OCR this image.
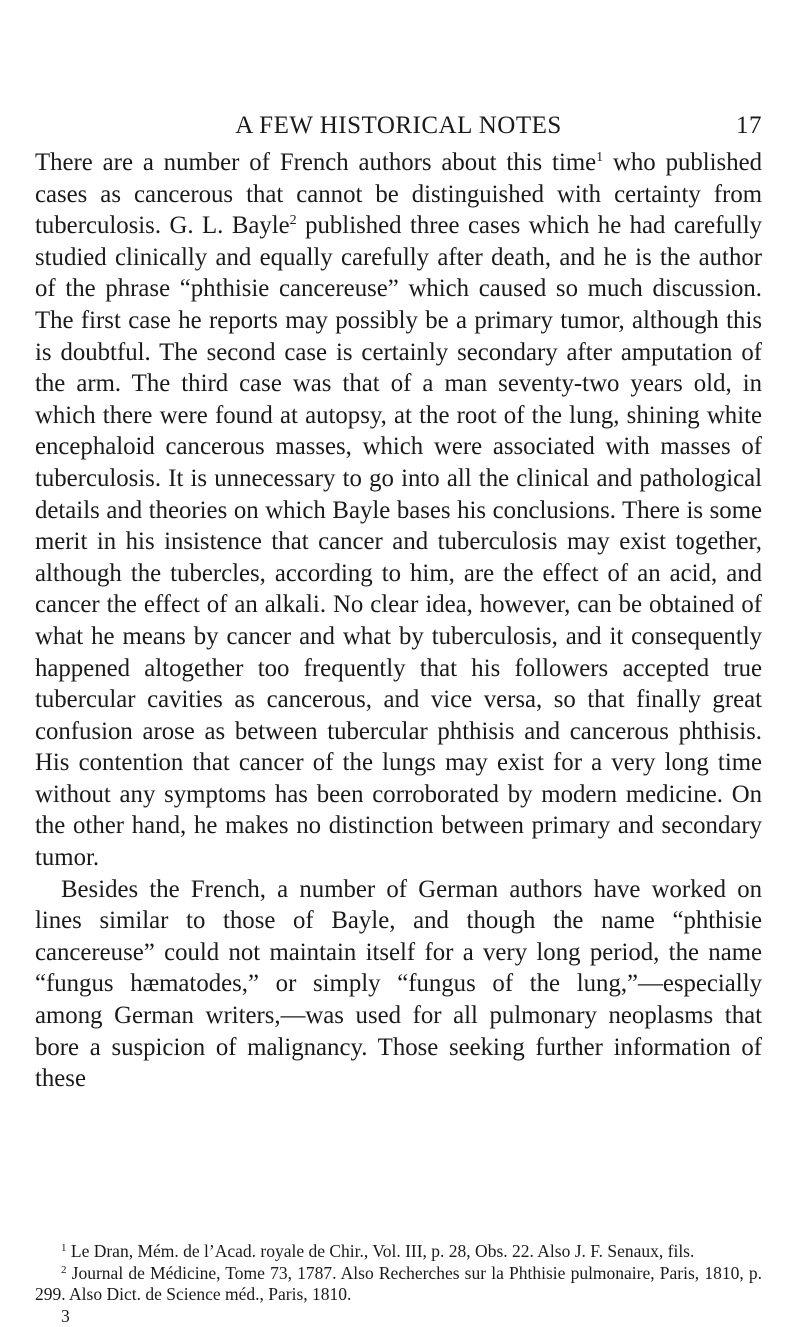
A FEW HISTORICAL NOTES	17

There are a number of French authors about this time$^1$ who published cases as cancerous that cannot be distinguished with certainty from tuberculosis. G. L. Bayle$^2$ published three cases which he had carefully studied clinically and equally carefully after death, and he is the author of the phrase “phthisie cancereuse” which caused so much discussion. The first case he reports may possibly be a primary tumor, although this is doubtful. The second case is certainly secondary after amputation of the arm. The third case was that of a man seventy-two years old, in which there were found at autopsy, at the root of the lung, shining white encephaloid cancerous masses, which were associated with masses of tuberculosis. It is unnecessary to go into all the clinical and pathological details and theories on which Bayle bases his conclusions. There is some merit in his insistence that cancer and tuberculosis may exist together, although the tubercles, according to him, are the effect of an acid, and cancer the effect of an alkali. No clear idea, however, can be obtained of what he means by cancer and what by tuberculosis, and it consequently happened altogether too frequently that his followers accepted true tubercular cavities as cancerous, and vice versa, so that finally great confusion arose as between tubercular phthisis and cancerous phthisis. His contention that cancer of the lungs may exist for a very long time without any symptoms has been corroborated by modern medicine. On the other hand, he makes no distinction between primary and secondary tumor.

Besides the French, a number of German authors have worked on lines similar to those of Bayle, and though the name “phthisie cancereuse” could not maintain itself for a very long period, the name “fungus hæmatodes,” or simply “fungus of the lung,”—especially among German writers,—was used for all pulmonary neoplasms that bore a suspicion of malignancy. Those seeking further information of these

$^1$ Le Dran, Mém. de l’Acad. royale de Chir., Vol. III, p. 28, Obs. 22. Also J. F. Senaux, fils.

$^2$ Journal de Médicine, Tome 73, 1787. Also Recherches sur la Phthisie pulmonaire, Paris, 1810, p. 299. Also Dict. de Science méd., Paris, 1810.

3
